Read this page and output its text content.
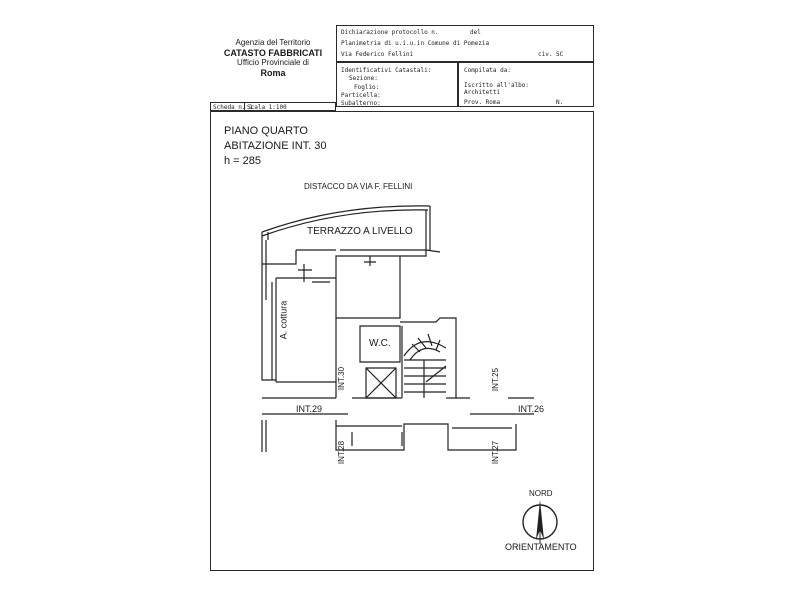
Agenzia del Territorio
CATASTO FABBRICATI
Ufficio Provinciale di
Roma
Dichiarazione protocollo n.	del
Planimetria di u.i.u.in Comune di Pomezia
Via Federico Fellini	civ. SC
Identificativi Catastali:
Sezione:
Foglio:
Particella:
Subalterno:
Compilata da:
Iscritto all'albo:
Architetti
Prov. Roma	N.
Scheda n. 1
Scala 1:100
PIANO QUARTO
ABITAZIONE INT. 30
h = 285
DISTACCO DA VIA F. FELLINI
TERRAZZO A LIVELLO
A. cottura
W.C.
INT.30	INT.25
INT.29	INT.26
INT.28	INT.27
NORD
ORIENTAMENTO
